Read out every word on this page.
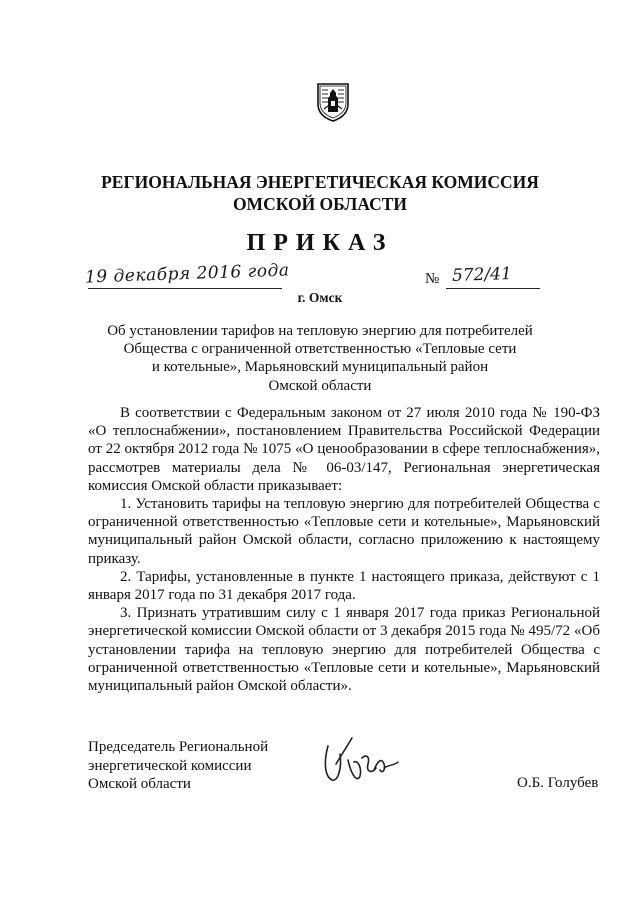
РЕГИОНАЛЬНАЯ ЭНЕРГЕТИЧЕСКАЯ КОМИССИЯ
ОМСКОЙ ОБЛАСТИ
ПРИКАЗ
19 декабря 2016 года	№ 572/41
г. Омск
Об установлении тарифов на тепловую энергию для потребителей
Общества с ограниченной ответственностью «Тепловые сети
и котельные», Марьяновский муниципальный район
Омской области

В соответствии с Федеральным законом от 27 июля 2010 года № 190-ФЗ «О теплоснабжении», постановлением Правительства Российской Федерации от 22 октября 2012 года № 1075 «О ценообразовании в сфере теплоснабжения», рассмотрев материалы дела № 06-03/147, Региональная энергетическая комиссия Омской области приказывает:

1. Установить тарифы на тепловую энергию для потребителей Общества с ограниченной ответственностью «Тепловые сети и котельные», Марьяновский муниципальный район Омской области, согласно приложению к настоящему приказу.

2. Тарифы, установленные в пункте 1 настоящего приказа, действуют с 1 января 2017 года по 31 декабря 2017 года.

3. Признать утратившим силу с 1 января 2017 года приказ Региональной энергетической комиссии Омской области от 3 декабря 2015 года № 495/72 «Об установлении тарифа на тепловую энергию для потребителей Общества с ограниченной ответственностью «Тепловые сети и котельные», Марьяновский муниципальный район Омской области».

Председатель Региональной
энергетической комиссии
Омской области	О.Б. Голубев
